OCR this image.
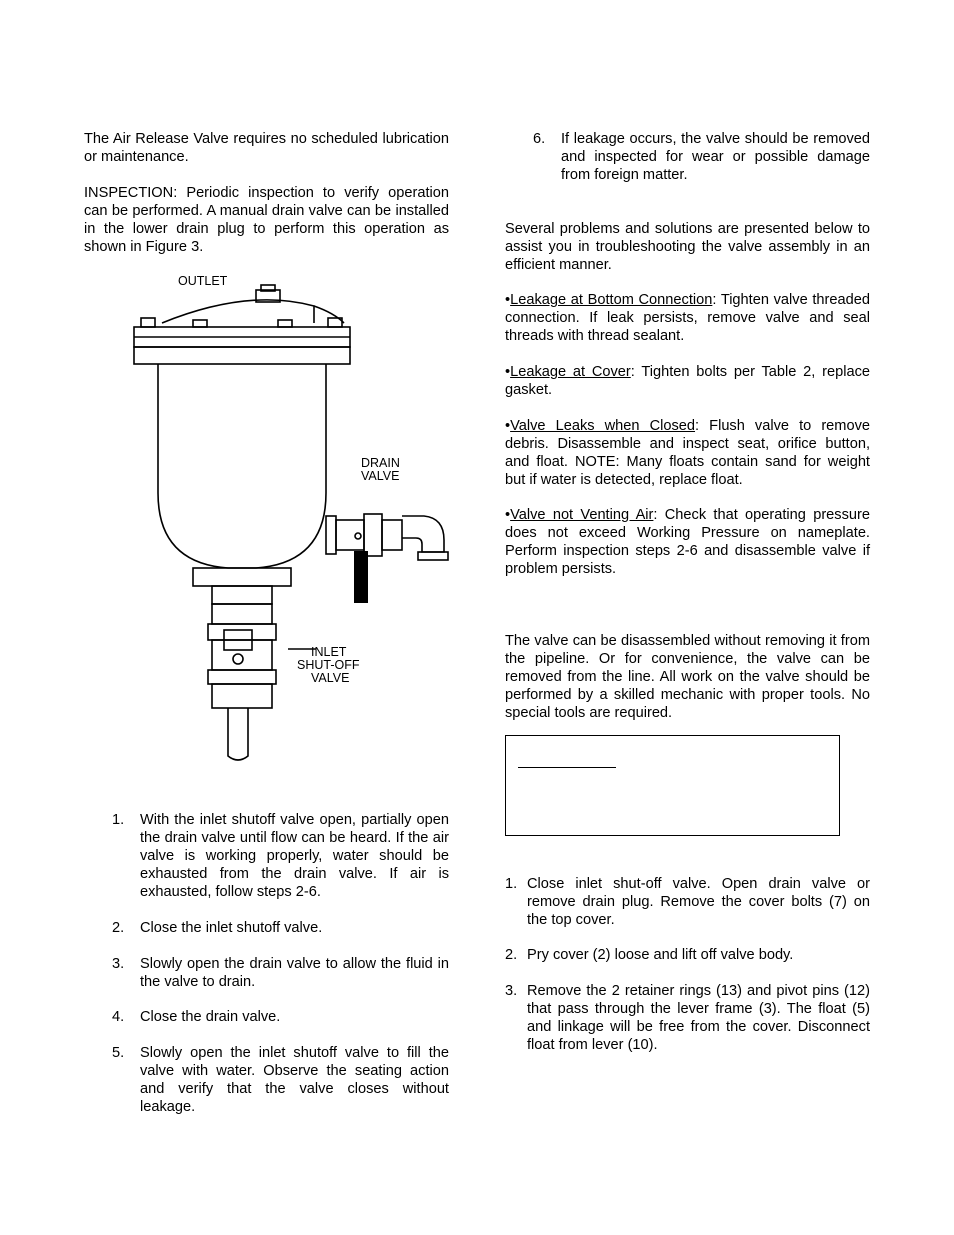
The Air Release Valve requires no scheduled lubrication or maintenance.

INSPECTION: Periodic inspection to verify operation can be performed. A manual drain valve can be installed in the lower drain plug to perform this operation as shown in Figure 3.

OUTLET
DRAIN
VALVE
INLET
SHUT-OFF
VALVE
1. With the inlet shutoff valve open, partially open the drain valve until flow can be heard. If the air valve is working properly, water should be exhausted from the drain valve. If air is exhausted, follow steps 2-6.
2. Close the inlet shutoff valve.
3. Slowly open the drain valve to allow the fluid in the valve to drain.
4. Close the drain valve.
5. Slowly open the inlet shutoff valve to fill the valve with water. Observe the seating action and verify that the valve closes without leakage.
6. If leakage occurs, the valve should be removed and inspected for wear or possible damage from foreign matter.

Several problems and solutions are presented below to assist you in troubleshooting the valve assembly in an efficient manner.

•Leakage at Bottom Connection: Tighten valve threaded connection. If leak persists, remove valve and seal threads with thread sealant.

•Leakage at Cover: Tighten bolts per Table 2, replace gasket.

•Valve Leaks when Closed: Flush valve to remove debris. Disassemble and inspect seat, orifice button, and float. NOTE: Many floats contain sand for weight but if water is detected, replace float.

•Valve not Venting Air: Check that operating pressure does not exceed Working Pressure on nameplate. Perform inspection steps 2-6 and disassemble valve if problem persists.

The valve can be disassembled without removing it from the pipeline. Or for convenience, the valve can be removed from the line. All work on the valve should be performed by a skilled mechanic with proper tools. No special tools are required.

1. Close inlet shut-off valve. Open drain valve or remove drain plug. Remove the cover bolts (7) on the top cover.
2. Pry cover (2) loose and lift off valve body.
3. Remove the 2 retainer rings (13) and pivot pins (12) that pass through the lever frame (3). The float (5) and linkage will be free from the cover. Disconnect float from lever (10).
